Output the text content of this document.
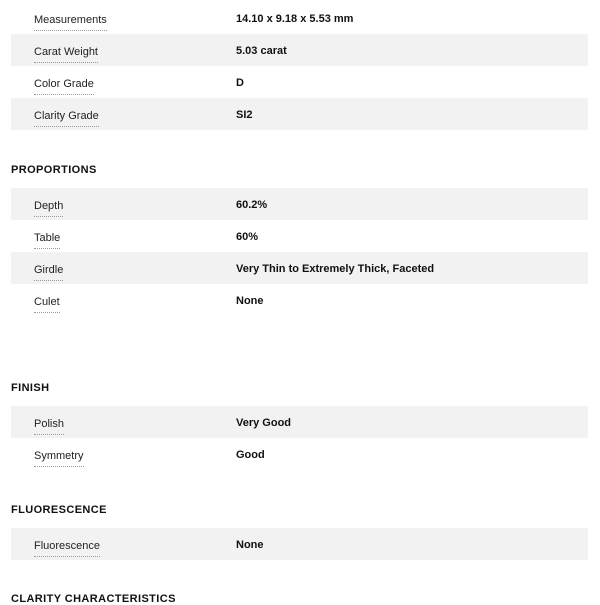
Measurements	14.10 x 9.18 x 5.53 mm
Carat Weight	5.03 carat
Color Grade	D
Clarity Grade	SI2
PROPORTIONS
Depth	60.2%
Table	60%
Girdle	Very Thin to Extremely Thick, Faceted
Culet	None
FINISH
Polish	Very Good
Symmetry	Good
FLUORESCENCE
Fluorescence	None
CLARITY CHARACTERISTICS
